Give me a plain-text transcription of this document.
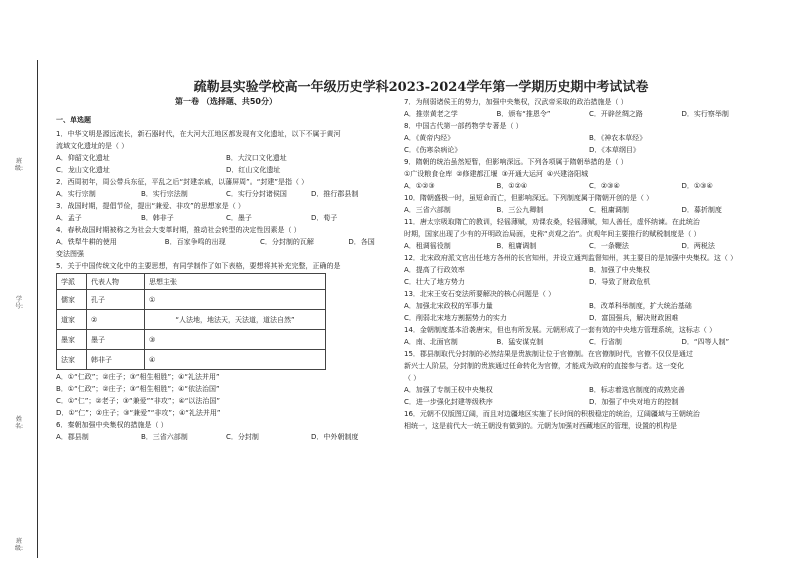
班级:
学号:
姓名:
班级:
疏勒县实验学校高一年级历史学科2023-2024学年第一学期历史期中考试试卷
第一卷 （选择题、共50分）
一、单选题
1．中华文明是源远流长，新石器时代，在大河大江地区都发现有文化遗址，以下不属于黄河
流域文化遗址的是（ ）
A．仰韶文化遗址	B．大汶口文化遗址
C．龙山文化遗址	D．红山文化遗址
2．西周初年，周公带兵东征，平乱之后“封建亲戚，以藩屏周”。“封建”是指（ ）
A．实行宗制	B．实行宗法制	C．实行分封诸侯国	D．推行郡县制
3．战国时期，提倡节俭，提出“兼爱、非攻”的思想家是（ ）
A．孟子	B．韩非子	C．墨子	D．荀子
4．春秋战国时期被称之为社会大变革时期，推动社会转型的决定性因素是（ ）
A．铁犁牛耕的使用	B．百家争鸣的出现	C．分封制的瓦解	D．各国
变法图强
5．关于中国传统文化中的主要思想，有同学制作了如下表格，要想将其补充完整，正确的是
学派	代表人物	思想主张
儒家	孔子	①
道家	②	“人法地，地法天，天法道，道法自然”
墨家	墨子	③
法家	韩非子	④
A．①“仁政”；②庄子；③“相生相胜”；④“礼法并用”
B．①“仁政”；②庄子；③“相生相胜”；④“依法治国”
C．①“仁”；②老子；③“兼爱”“非攻”；④“以法治国”
D．①“仁”；②庄子；③“兼爱”“非攻”；④“礼法并用”
6．秦朝加强中央集权的措施是（ ）
A．郡县制	B．三省六部制	C．分封制	D．中外朝制度
7．为削弱诸侯王的势力，加强中央集权，汉武帝采取的政治措施是（ ）
A．推崇黄老之学	B．颁布“推恩令”	C．开辟丝绸之路	D．实行察举制
8．中国古代第一部药物学专著是（ ）
A．《黄帝内经》	B．《神农本草经》
C．《伤寒杂病论》	D．《本草纲目》
9．隋朝的统治虽然短暂，但影响深远。下列各项属于隋朝举措的是（ ）
①广设粮食仓库 ②修建都江堰 ③开通大运河 ④兴建洛阳城
A．①②③	B．①②④	C．②③④	D．①③④
10．隋朝盛极一时，虽短命而亡，但影响深远。下列制度属于隋朝开创的是（ ）
A．三省六部制	B．三公九卿制	C．租庸调制	D．募折制度
11．唐太宗吸取隋亡的教训，轻徭薄赋，劝课农桑，轻徭薄赋，知人善任，虚怀纳谏。在此统治
时期，国家出现了少有的开明政治局面，史称“贞观之治”。贞观年间主要推行的赋税制度是（ ）
A．租调徭役制	B．租庸调制	C．一条鞭法	D．两税法
12．北宋政府派文官出任地方各州的长官知州，并设立通判监督知州，其主要目的是加强中央集权。这（ ）
A．提高了行政效率	B．加强了中央集权
C．壮大了地方势力	D．导致了财政危机
13．北宋王安石变法所要解决的核心问题是（ ）
A．加强北宋政权的军事力量	B．改革科举制度，扩大统治基础
C．削弱北宋地方割据势力的实力	D．富国强兵，解决财政困难
14．金朝制度基本沿袭唐宋，但也有所发展。元朝形成了一套有效的中央地方管理系统，这标志（ ）
A．南、北面官制	B．猛安谋克制	C．行省制	D．“四等人制”
15．郡县制取代分封制的必然结果是贵族制让位于官僚制。在官僚制时代，官僚不仅仅是通过
新兴士人阶层，分封制的贵族通过任命转化为官僚，才能成为政府的直接参与者。这一变化
（ ）
A．加强了专制王权中央集权	B．标志着选官制度的成熟完善
C．进一步强化封建等级秩序	D．加强了中央对地方的控制
16．元朝不仅版图辽阔，而且对边疆地区实施了长时间的积极稳定的统治，辽阔疆域与王朝统治
相统一，这是前代大一统王朝没有做到的。元朝为加强对西藏地区的管理，设置的机构是
